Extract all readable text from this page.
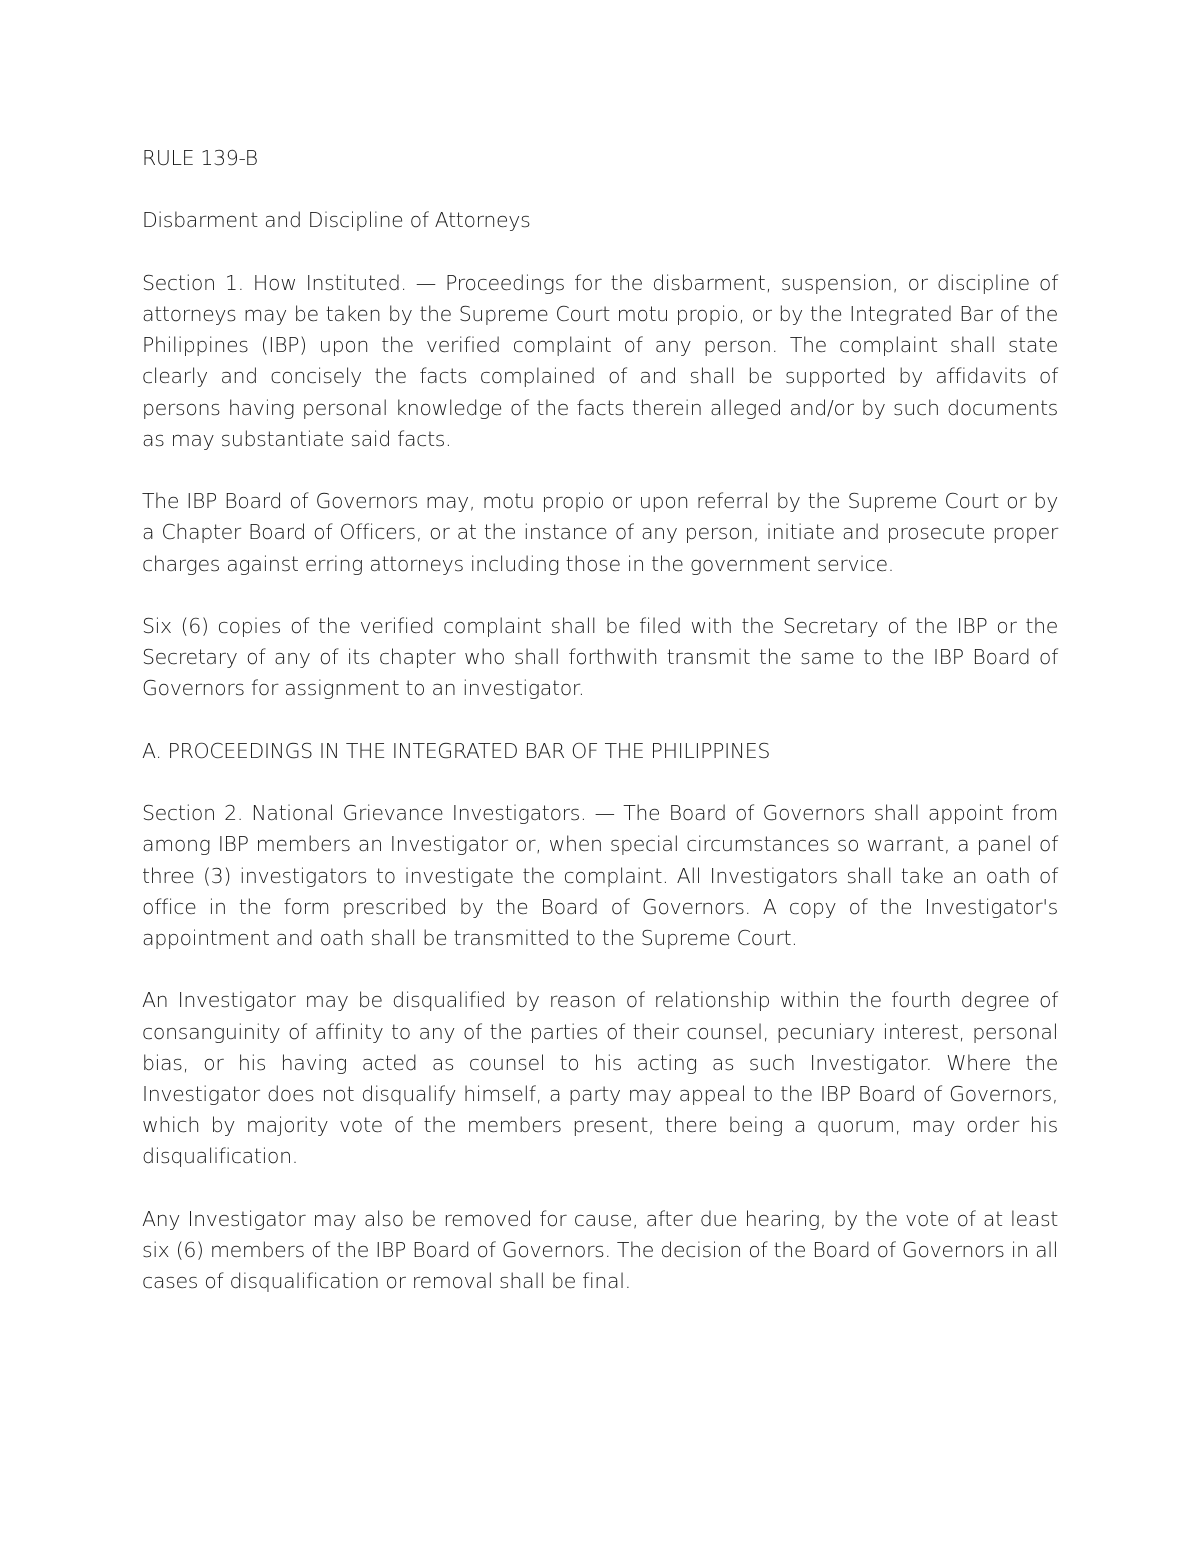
RULE 139-B

Disbarment and Discipline of Attorneys

Section 1. How Instituted. — Proceedings for the disbarment, suspension, or discipline of attorneys may be taken by the Supreme Court motu propio, or by the Integrated Bar of the Philippines (IBP) upon the verified complaint of any person. The complaint shall state clearly and concisely the facts complained of and shall be supported by affidavits of persons having personal knowledge of the facts therein alleged and/or by such documents as may substantiate said facts.

The IBP Board of Governors may, motu propio or upon referral by the Supreme Court or by a Chapter Board of Officers, or at the instance of any person, initiate and prosecute proper charges against erring attorneys including those in the government service.

Six (6) copies of the verified complaint shall be filed with the Secretary of the IBP or the Secretary of any of its chapter who shall forthwith transmit the same to the IBP Board of Governors for assignment to an investigator.

A. PROCEEDINGS IN THE INTEGRATED BAR OF THE PHILIPPINES

Section 2. National Grievance Investigators. — The Board of Governors shall appoint from among IBP members an Investigator or, when special circumstances so warrant, a panel of three (3) investigators to investigate the complaint. All Investigators shall take an oath of office in the form prescribed by the Board of Governors. A copy of the Investigator's appointment and oath shall be transmitted to the Supreme Court.

An Investigator may be disqualified by reason of relationship within the fourth degree of consanguinity of affinity to any of the parties of their counsel, pecuniary interest, personal bias, or his having acted as counsel to his acting as such Investigator. Where the Investigator does not disqualify himself, a party may appeal to the IBP Board of Governors, which by majority vote of the members present, there being a quorum, may order his disqualification.

Any Investigator may also be removed for cause, after due hearing, by the vote of at least six (6) members of the IBP Board of Governors. The decision of the Board of Governors in all cases of disqualification or removal shall be final.
